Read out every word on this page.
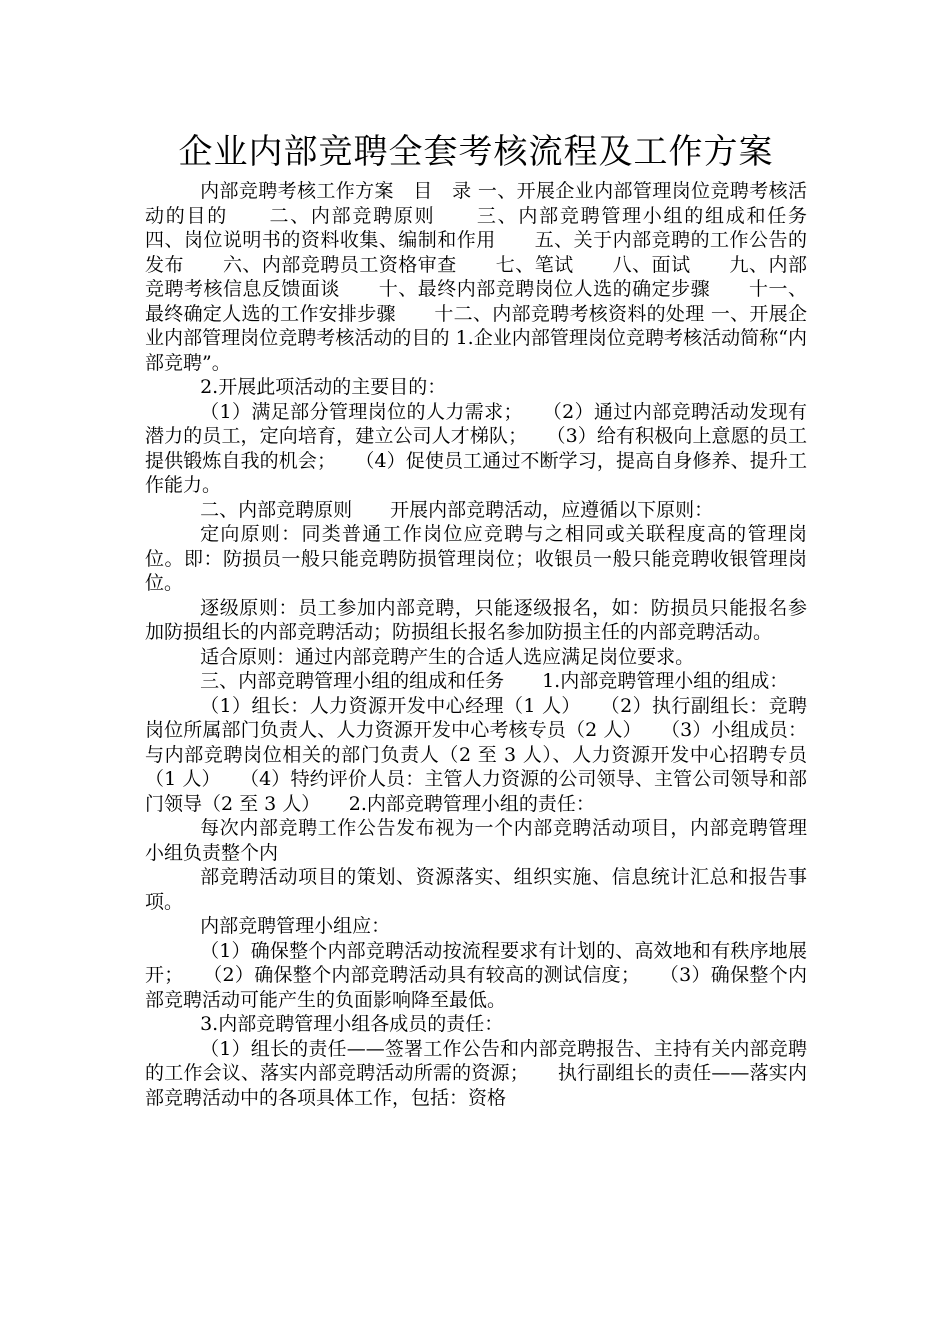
企业内部竞聘全套考核流程及工作方案

内部竞聘考核工作方案　目　录 一、开展企业内部管理岗位竞聘考核活动的目的　　二、内部竞聘原则　　三、内部竞聘管理小组的组成和任务　　四、岗位说明书的资料收集、编制和作用　　五、关于内部竞聘的工作公告的发布　　六、内部竞聘员工资格审查　　七、笔试　　八、面试　　九、内部竞聘考核信息反馈面谈　　十、最终内部竞聘岗位人选的确定步骤　　十一、最终确定人选的工作安排步骤　　十二、内部竞聘考核资料的处理 一、开展企业内部管理岗位竞聘考核活动的目的 1.企业内部管理岗位竞聘考核活动简称“内部竞聘”。

2.开展此项活动的主要目的：

（1）满足部分管理岗位的人力需求；　　（2）通过内部竞聘活动发现有潜力的员工，定向培育，建立公司人才梯队；　　（3）给有积极向上意愿的员工提供锻炼自我的机会；　　（4）促使员工通过不断学习，提高自身修养、提升工作能力。

二、内部竞聘原则　　开展内部竞聘活动，应遵循以下原则：

定向原则：同类普通工作岗位应竞聘与之相同或关联程度高的管理岗位。即：防损员一般只能竞聘防损管理岗位；收银员一般只能竞聘收银管理岗位。

逐级原则：员工参加内部竞聘，只能逐级报名，如：防损员只能报名参加防损组长的内部竞聘活动；防损组长报名参加防损主任的内部竞聘活动。

适合原则：通过内部竞聘产生的合适人选应满足岗位要求。

三、内部竞聘管理小组的组成和任务　　1.内部竞聘管理小组的组成：

（1）组长：人力资源开发中心经理（1 人）　　（2）执行副组长：竞聘岗位所属部门负责人、人力资源开发中心考核专员（2 人）　　（3）小组成员：与内部竞聘岗位相关的部门负责人（2 至 3 人）、人力资源开发中心招聘专员（1 人）　　（4）特约评价人员：主管人力资源的公司领导、主管公司领导和部门领导（2 至 3 人）　　2.内部竞聘管理小组的责任：

每次内部竞聘工作公告发布视为一个内部竞聘活动项目，内部竞聘管理小组负责整个内

部竞聘活动项目的策划、资源落实、组织实施、信息统计汇总和报告事项。

内部竞聘管理小组应：

（1）确保整个内部竞聘活动按流程要求有计划的、高效地和有秩序地展开；　　（2）确保整个内部竞聘活动具有较高的测试信度；　　（3）确保整个内部竞聘活动可能产生的负面影响降至最低。

3.内部竞聘管理小组各成员的责任：

（1）组长的责任——签署工作公告和内部竞聘报告、主持有关内部竞聘的工作会议、落实内部竞聘活动所需的资源；　　执行副组长的责任——落实内部竞聘活动中的各项具体工作，包括：资格
